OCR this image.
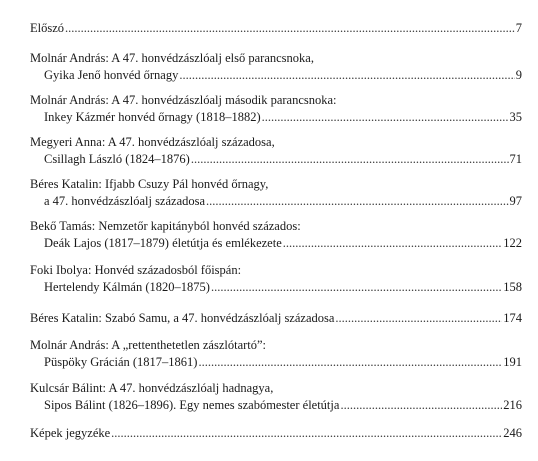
Előszó .....	7
Molnár András: A 47. honvédzászlóalj első parancsnoka,
Gyika Jenő honvéd őrnagy .....	9
Molnár András: A 47. honvédzászlóalj második parancsnoka:
Inkey Kázmér honvéd őrnagy (1818–1882) .....	35
Megyeri Anna: A 47. honvédzászlóalj századosa,
Csillagh László (1824–1876) .....	71
Béres Katalin: Ifjabb Csuzy Pál honvéd őrnagy,
a 47. honvédzászlóalj századosa .....	97
Bekő Tamás: Nemzetőr kapitányból honvéd százados:
Deák Lajos (1817–1879) életútja és emlékezete .....	122
Foki Ibolya: Honvéd századosból főispán:
Hertelendy Kálmán (1820–1875) .....	158
Béres Katalin: Szabó Samu, a 47. honvédzászlóalj századosa .....	174
Molnár András: A „rettenthetetlen zászlótartó”:
Püspöky Grácián (1817–1861) .....	191
Kulcsár Bálint: A 47. honvédzászlóalj hadnagya,
Sipos Bálint (1826–1896). Egy nemes szabómester életútja .....	216
Képek jegyzéke .....	246
